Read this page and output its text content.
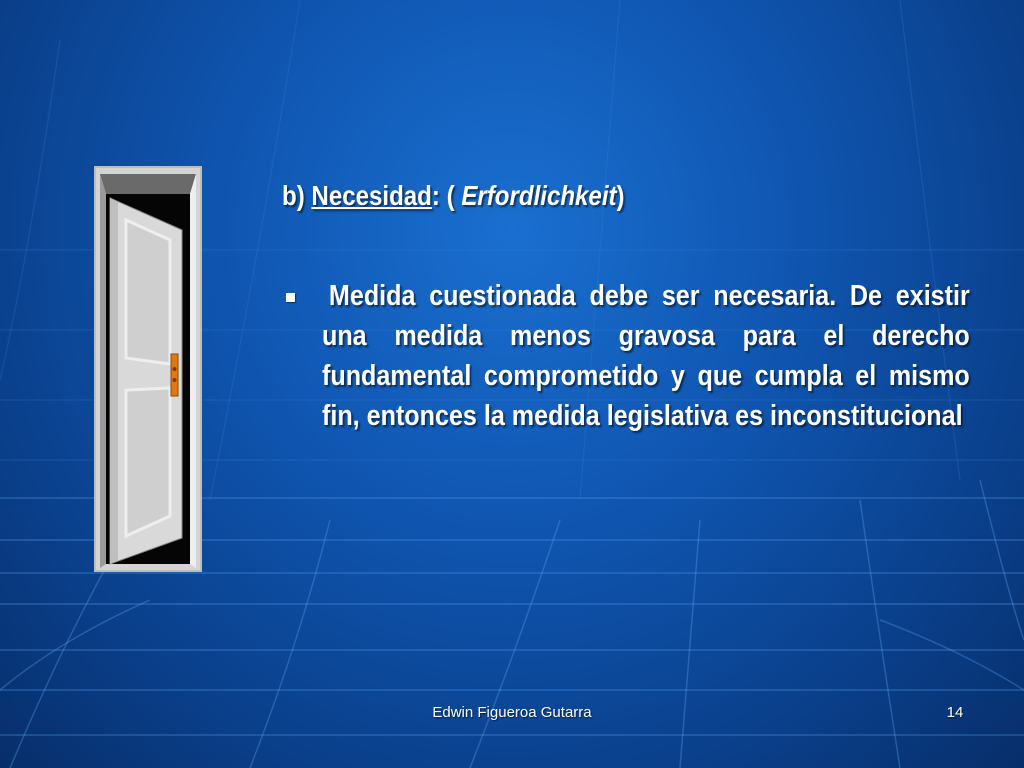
b) Necesidad: ( Erfordlichkeit)
Medida cuestionada debe ser necesaria. De existir una medida menos gravosa para el derecho fundamental comprometido y que cumpla el mismo fin, entonces la medida legislativa es inconstitucional
Edwin Figueroa Gutarra	14
